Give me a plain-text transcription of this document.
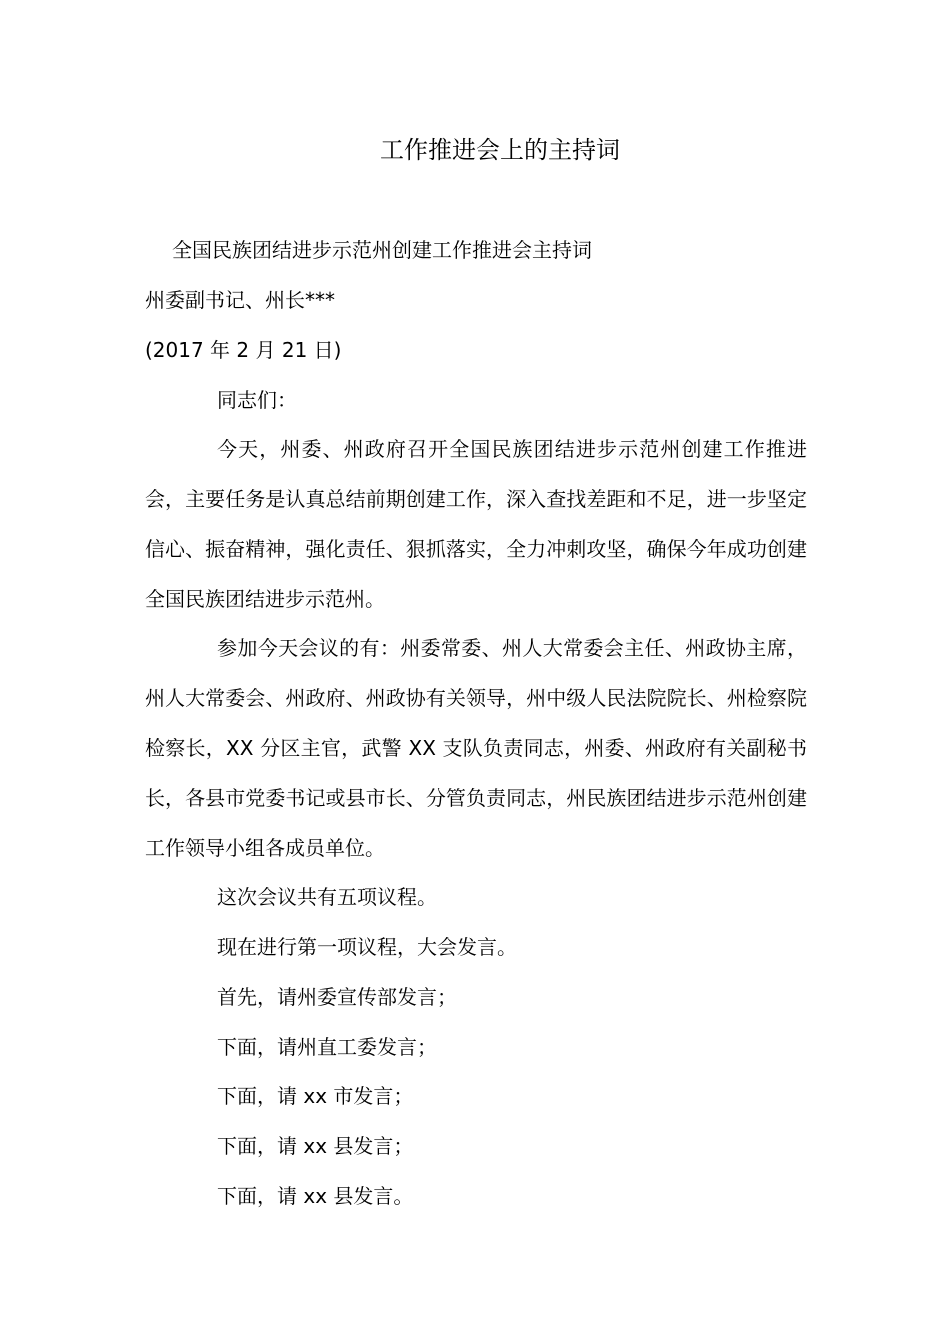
工作推进会上的主持词
全国民族团结进步示范州创建工作推进会主持词
州委副书记、州长***
(2017 年 2 月 21 日)
同志们：
今天，州委、州政府召开全国民族团结进步示范州创建工作推进会，主要任务是认真总结前期创建工作，深入查找差距和不足，进一步坚定信心、振奋精神，强化责任、狠抓落实，全力冲刺攻坚，确保今年成功创建全国民族团结进步示范州。
参加今天会议的有：州委常委、州人大常委会主任、州政协主席，州人大常委会、州政府、州政协有关领导，州中级人民法院院长、州检察院检察长，XX 分区主官，武警 XX 支队负责同志，州委、州政府有关副秘书长，各县市党委书记或县市长、分管负责同志，州民族团结进步示范州创建工作领导小组各成员单位。
这次会议共有五项议程。
现在进行第一项议程，大会发言。
首先，请州委宣传部发言；
下面，请州直工委发言；
下面，请 xx 市发言；
下面，请 xx 县发言；
下面，请 xx 县发言。
